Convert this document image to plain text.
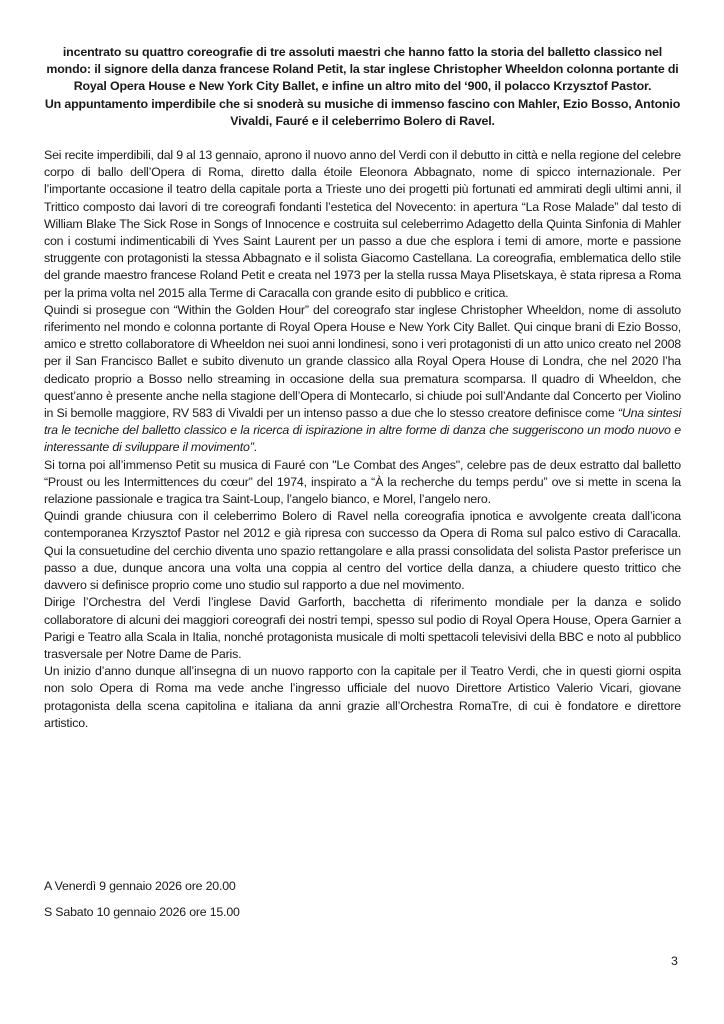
incentrato su quattro coreografie di tre assoluti maestri che hanno fatto la storia del balletto classico nel mondo: il signore della danza francese Roland Petit, la star inglese Christopher Wheeldon colonna portante di Royal Opera House e New York City Ballet, e infine un altro mito del ‘900, il polacco Krzysztof Pastor.

Un appuntamento imperdibile che si snoderà su musiche di immenso fascino con Mahler, Ezio Bosso, Antonio Vivaldi, Fauré e il celeberrimo Bolero di Ravel.

Sei recite imperdibili, dal 9 al 13 gennaio, aprono il nuovo anno del Verdi con il debutto in città e nella regione del celebre corpo di ballo dell’Opera di Roma, diretto dalla étoile Eleonora Abbagnato, nome di spicco internazionale. Per l’importante occasione il teatro della capitale porta a Trieste uno dei progetti più fortunati ed ammirati degli ultimi anni, il Trittico composto dai lavori di tre coreografi fondanti l’estetica del Novecento: in apertura “La Rose Malade” dal testo di William Blake The Sick Rose in Songs of Innocence e costruita sul celeberrimo Adagetto della Quinta Sinfonia di Mahler con i costumi indimenticabili di Yves Saint Laurent per un passo a due che esplora i temi di amore, morte e passione struggente con protagonisti la stessa Abbagnato e il solista Giacomo Castellana. La coreografia, emblematica dello stile del grande maestro francese Roland Petit e creata nel 1973 per la stella russa Maya Plisetskaya, è stata ripresa a Roma per la prima volta nel 2015 alla Terme di Caracalla con grande esito di pubblico e critica.

Quindi si prosegue con “Within the Golden Hour” del coreografo star inglese Christopher Wheeldon, nome di assoluto riferimento nel mondo e colonna portante di Royal Opera House e New York City Ballet. Qui cinque brani di Ezio Bosso, amico e stretto collaboratore di Wheeldon nei suoi anni londinesi, sono i veri protagonisti di un atto unico creato nel 2008 per il San Francisco Ballet e subito divenuto un grande classico alla Royal Opera House di Londra, che nel 2020 l’ha dedicato proprio a Bosso nello streaming in occasione della sua prematura scomparsa. Il quadro di Wheeldon, che quest’anno è presente anche nella stagione dell’Opera di Montecarlo, si chiude poi sull’Andante dal Concerto per Violino in Si bemolle maggiore, RV 583 di Vivaldi per un intenso passo a due che lo stesso creatore definisce come “Una sintesi tra le tecniche del balletto classico e la ricerca di ispirazione in altre forme di danza che suggeriscono un modo nuovo e interessante di sviluppare il movimento”.

Si torna poi all’immenso Petit su musica di Fauré con "Le Combat des Anges", celebre pas de deux estratto dal balletto “Proust ou les Intermittences du cœur” del 1974, inspirato a “À la recherche du temps perdu” ove si mette in scena la relazione passionale e tragica tra Saint-Loup, l’angelo bianco, e Morel, l’angelo nero.

Quindi grande chiusura con il celeberrimo Bolero di Ravel nella coreografia ipnotica e avvolgente creata dall’icona contemporanea Krzysztof Pastor nel 2012 e già ripresa con successo da Opera di Roma sul palco estivo di Caracalla. Qui la consuetudine del cerchio diventa uno spazio rettangolare e alla prassi consolidata del solista Pastor preferisce un passo a due, dunque ancora una volta una coppia al centro del vortice della danza, a chiudere questo trittico che davvero si definisce proprio come uno studio sul rapporto a due nel movimento.

Dirige l’Orchestra del Verdi l’inglese David Garforth, bacchetta di riferimento mondiale per la danza e solido collaboratore di alcuni dei maggiori coreografi dei nostri tempi, spesso sul podio di Royal Opera House, Opera Garnier a Parigi e Teatro alla Scala in Italia, nonché protagonista musicale di molti spettacoli televisivi della BBC e noto al pubblico trasversale per Notre Dame de Paris.

Un inizio d’anno dunque all’insegna di un nuovo rapporto con la capitale per il Teatro Verdi, che in questi giorni ospita non solo Opera di Roma ma vede anche l’ingresso ufficiale del nuovo Direttore Artistico Valerio Vicari, giovane protagonista della scena capitolina e italiana da anni grazie all’Orchestra RomaTre, di cui è fondatore e direttore artistico.

A Venerdì 9 gennaio 2026 ore 20.00
S Sabato 10 gennaio 2026 ore 15.00
3
